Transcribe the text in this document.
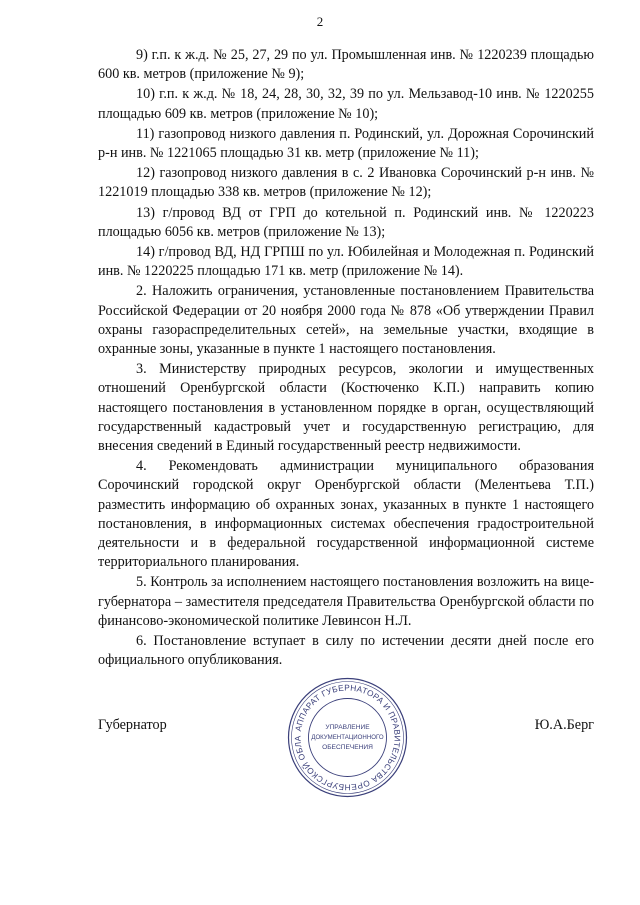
2

9) г.п. к ж.д. № 25, 27, 29 по ул. Промышленная инв. № 1220239 площадью 600 кв. метров (приложение № 9);

10) г.п. к ж.д. № 18, 24, 28, 30, 32, 39 по ул. Мельзавод-10 инв. № 1220255 площадью 609 кв. метров (приложение № 10);

11) газопровод низкого давления п. Родинский, ул. Дорожная Сорочинский р-н инв. № 1221065 площадью 31 кв. метр (приложение № 11);

12) газопровод низкого давления в с. 2 Ивановка Сорочинский р-н инв. № 1221019 площадью 338 кв. метров (приложение № 12);

13) г/провод ВД от ГРП до котельной п. Родинский инв. № 1220223 площадью 6056 кв. метров (приложение № 13);

14) г/провод ВД, НД ГРПШ по ул. Юбилейная и Молодежная п. Родинский инв. № 1220225 площадью 171 кв. метр (приложение № 14).

2. Наложить ограничения, установленные постановлением Правительства Российской Федерации от 20 ноября 2000 года № 878 «Об утверждении Правил охраны газораспределительных сетей», на земельные участки, входящие в охранные зоны, указанные в пункте 1 настоящего постановления.

3. Министерству природных ресурсов, экологии и имущественных отношений Оренбургской области (Костюченко К.П.) направить копию настоящего постановления в установленном порядке в орган, осуществляющий государственный кадастровый учет и государственную регистрацию, для внесения сведений в Единый государственный реестр недвижимости.

4. Рекомендовать администрации муниципального образования Сорочинский городской округ Оренбургской области (Мелентьева Т.П.) разместить информацию об охранных зонах, указанных в пункте 1 настоящего постановления, в информационных системах обеспечения градостроительной деятельности и в федеральной государственной информационной системе территориального планирования.

5. Контроль за исполнением настоящего постановления возложить на вице-губернатора – заместителя председателя Правительства Оренбургской области по финансово-экономической политике Левинсон Н.Л.

6. Постановление вступает в силу по истечении десяти дней после его официального опубликования.

Губернатор	Ю.А.Берг
АППАРАТ ГУБЕРНАТОРА И ПРАВИТЕЛЬСТВА ОРЕНБУРГСКОЙ ОБЛА
УПРАВЛЕНИЕ
ДОКУМЕНТАЦИОННОГО
ОБЕСПЕЧЕНИЯ
